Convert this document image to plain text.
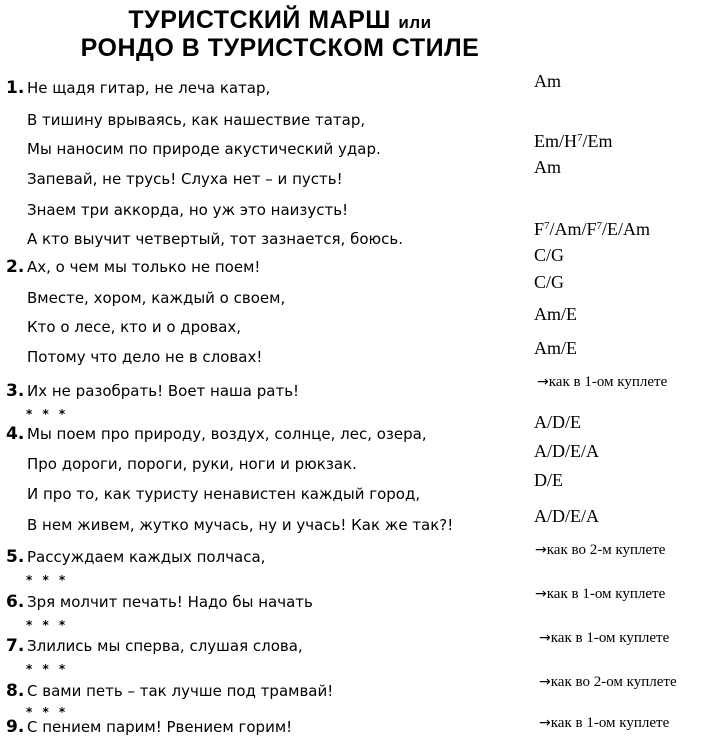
ТУРИСТСКИЙ МАРШ или
РОНДО В ТУРИСТСКОМ СТИЛЕ
1. Не щадя гитар, не леча катар,
В тишину врываясь, как нашествие татар,
Мы наносим по природе акустический удар.
Запевай, не трусь! Слуха нет – и пусть!
Знаем три аккорда, но уж это наизусть!
А кто выучит четвертый, тот зазнается, боюсь.
2. Ах, о чем мы только не поем!
Вместе, хором, каждый о своем,
Кто о лесе, кто и о дровах,
Потому что дело не в словах!
3. Их не разобрать! Воет наша рать!
* * *
4. Мы поем про природу, воздух, солнце, лес, озера,
Про дороги, пороги, руки, ноги и рюкзак.
И про то, как туристу ненавистен каждый город,
В нем живем, жутко мучась, ну и учась! Как же так?!
5. Рассуждаем каждых полчаса,
* * *
6. Зря молчит печать! Надо бы начать
* * *
7. Злились мы сперва, слушая слова,
* * *
8. С вами петь – так лучше под трамвай!
* * *
9. С пением парим! Рвением горим!
Am
$Em/H^7/Em$
Am
$F^7/Am/F^7/E/Am$
C/G
C/G
Am/E
Am/E
A/D/E
A/D/E/A
D/E
A/D/E/A
→как в 1-ом куплете
→как во 2-м куплете
→как в 1-ом куплете
→как в 1-ом куплете
→как во 2-ом куплете
→как в 1-ом куплете
